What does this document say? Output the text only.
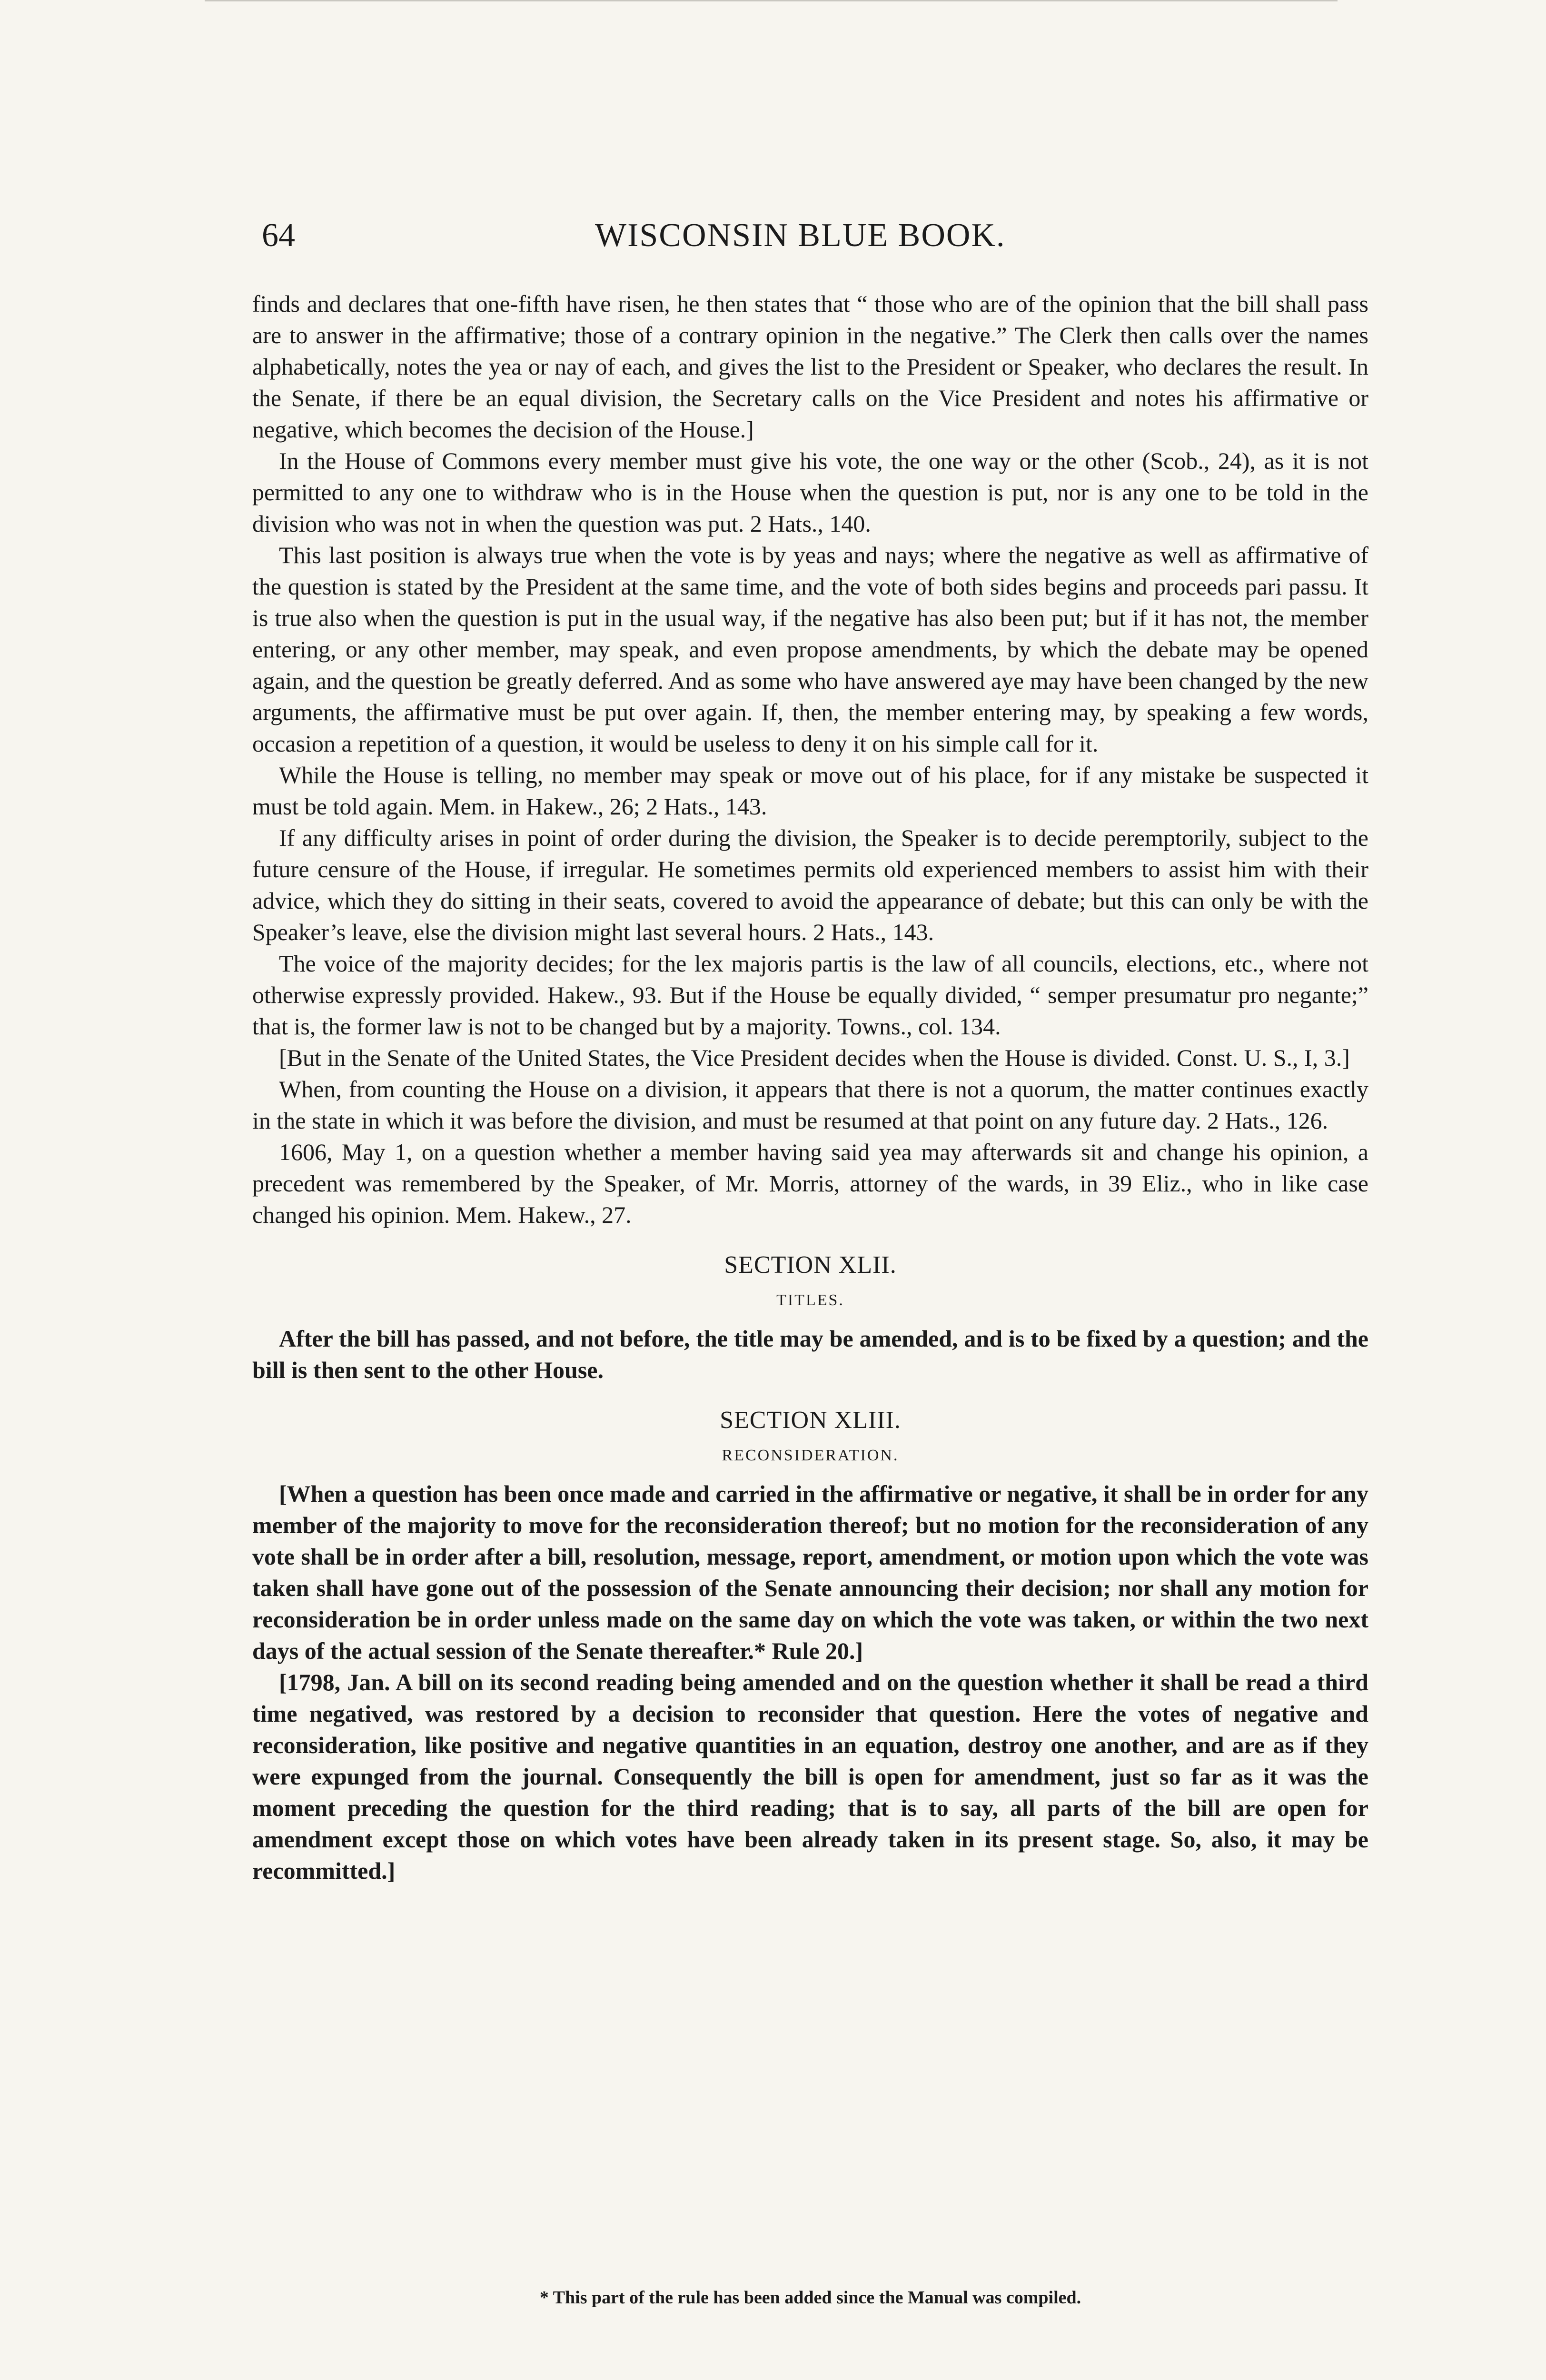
64	WISCONSIN BLUE BOOK.

finds and declares that one-fifth have risen, he then states that “ those who are of the opinion that the bill shall pass are to answer in the affirmative; those of a contrary opinion in the negative.” The Clerk then calls over the names alphabetically, notes the yea or nay of each, and gives the list to the President or Speaker, who declares the result. In the Senate, if there be an equal division, the Secretary calls on the Vice President and notes his affirmative or negative, which becomes the decision of the House.]

In the House of Commons every member must give his vote, the one way or the other (Scob., 24), as it is not permitted to any one to withdraw who is in the House when the question is put, nor is any one to be told in the division who was not in when the question was put. 2 Hats., 140.

This last position is always true when the vote is by yeas and nays; where the negative as well as affirmative of the question is stated by the President at the same time, and the vote of both sides begins and proceeds pari passu. It is true also when the question is put in the usual way, if the negative has also been put; but if it has not, the member entering, or any other member, may speak, and even propose amendments, by which the debate may be opened again, and the question be greatly deferred. And as some who have answered aye may have been changed by the new arguments, the affirmative must be put over again. If, then, the member entering may, by speaking a few words, occasion a repetition of a question, it would be useless to deny it on his simple call for it.

While the House is telling, no member may speak or move out of his place, for if any mistake be suspected it must be told again. Mem. in Hakew., 26; 2 Hats., 143.

If any difficulty arises in point of order during the division, the Speaker is to decide peremptorily, subject to the future censure of the House, if irregular. He sometimes permits old experienced members to assist him with their advice, which they do sitting in their seats, covered to avoid the appearance of debate; but this can only be with the Speaker’s leave, else the division might last several hours. 2 Hats., 143.

The voice of the majority decides; for the lex majoris partis is the law of all councils, elections, etc., where not otherwise expressly provided. Hakew., 93. But if the House be equally divided, “ semper presumatur pro negante;” that is, the former law is not to be changed but by a majority. Towns., col. 134.

[But in the Senate of the United States, the Vice President decides when the House is divided. Const. U. S., I, 3.]

When, from counting the House on a division, it appears that there is not a quorum, the matter continues exactly in the state in which it was before the division, and must be resumed at that point on any future day. 2 Hats., 126.

1606, May 1, on a question whether a member having said yea may afterwards sit and change his opinion, a precedent was remembered by the Speaker, of Mr. Morris, attorney of the wards, in 39 Eliz., who in like case changed his opinion. Mem. Hakew., 27.

SECTION XLII.
TITLES.

After the bill has passed, and not before, the title may be amended, and is to be fixed by a question; and the bill is then sent to the other House.

SECTION XLIII.
RECONSIDERATION.

[When a question has been once made and carried in the affirmative or negative, it shall be in order for any member of the majority to move for the reconsideration thereof; but no motion for the reconsideration of any vote shall be in order after a bill, resolution, message, report, amendment, or motion upon which the vote was taken shall have gone out of the possession of the Senate announcing their decision; nor shall any motion for reconsideration be in order unless made on the same day on which the vote was taken, or within the two next days of the actual session of the Senate thereafter.* Rule 20.]

[1798, Jan. A bill on its second reading being amended and on the question whether it shall be read a third time negatived, was restored by a decision to reconsider that question. Here the votes of negative and reconsideration, like positive and negative quantities in an equation, destroy one another, and are as if they were expunged from the journal. Consequently the bill is open for amendment, just so far as it was the moment preceding the question for the third reading; that is to say, all parts of the bill are open for amendment except those on which votes have been already taken in its present stage. So, also, it may be recommitted.]

* This part of the rule has been added since the Manual was compiled.
